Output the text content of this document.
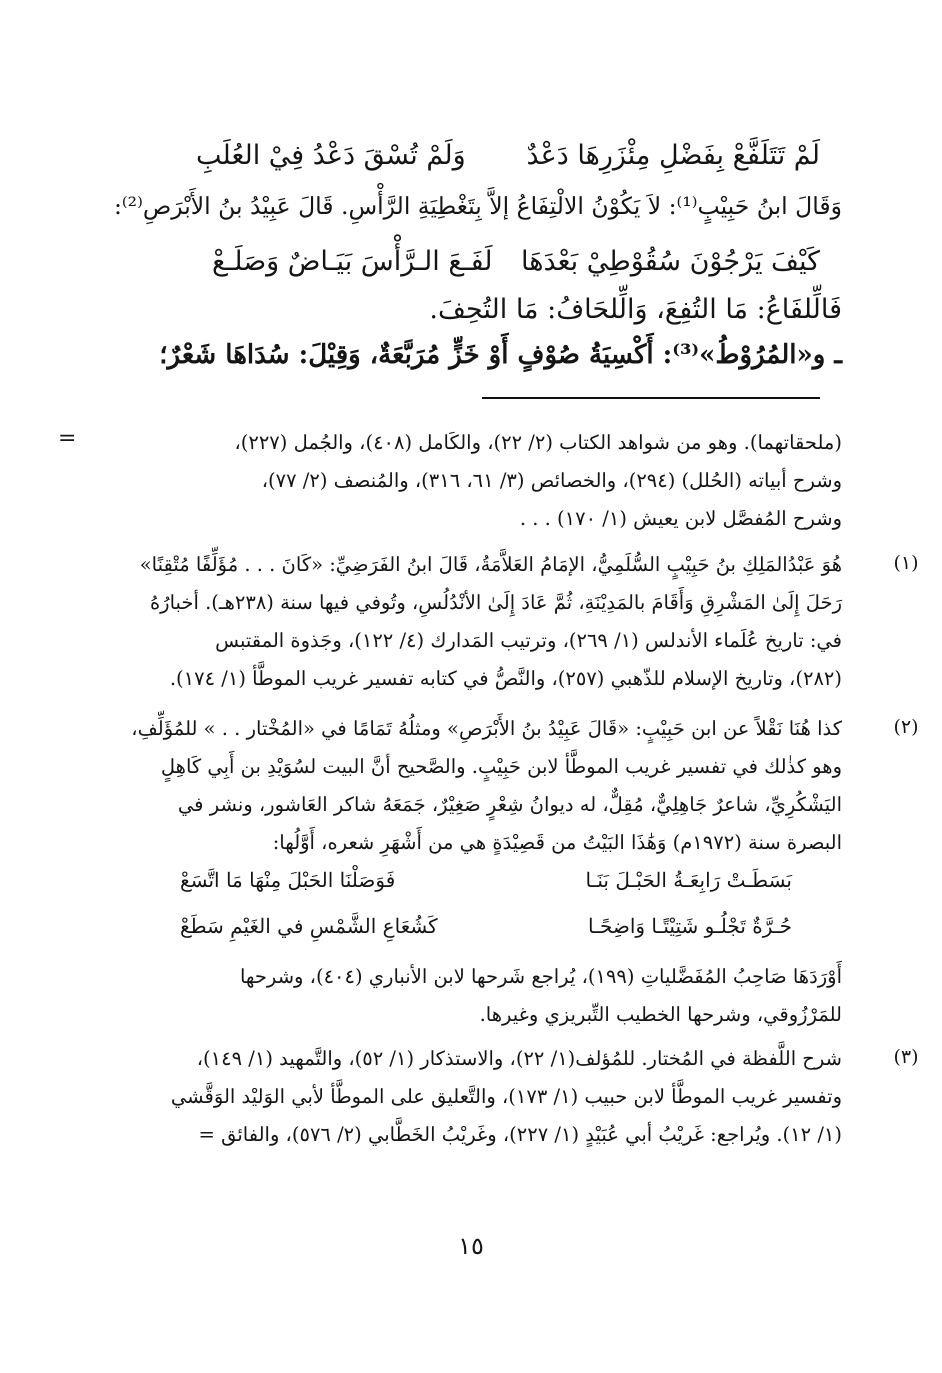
لَمْ تَتَلَفَّعْ بِفَضْلِ مِئْزَرِهَا دَعْدٌ
وَلَمْ تُسْقَ دَعْدُ فِيْ العُلَبِ
وَقَالَ ابنُ حَبِيْبٍ⁽¹⁾: لاَ يَكُوْنُ الالْتِفَاعُ إلاَّ بِتَغْطِيَةِ الرَّأْسِ. قَالَ عَبِيْدُ بنُ الأَبْرَصِ⁽²⁾:
كَيْفَ يَرْجُوْنَ سُقُوْطِيْ بَعْدَهَا
لَفَـعَ الـرَّأْسَ بَيَـاضٌ وَصَلَـعْ
فَالِّلفَاعُ: مَا التُفِعَ، وَالِّلحَافُ: مَا التُحِفَ.
ـ و«المُرُوْطُ»⁽³⁾: أَكْسِيَةُ صُوْفٍ أَوْ خَزٍّ مُرَبَّعَةٌ، وَقِيْلَ: سُدَاهَا شَعْرٌ؛
=	(ملحقاتهما). وهو من شواهد الكتاب (٢/ ٢٢)، والكَامل (٤٠٨)، والجُمل (٢٢٧)،
وشرح أبياته (الحُلل) (٢٩٤)، والخصائص (٣/ ٦١، ٣١٦)، والمُنصف (٢/ ٧٧)،
وشرح المُفصَّل لابن يعيش (١/ ١٧٠) . . .
(١)
هُوَ عَبْدُالمَلِكِ بنُ حَبِيْبٍ السُّلَمِيُّ، الإمَامُ العَلاَّمَةُ، قَالَ ابنُ الفَرَضِيِّ: «كَانَ . . . مُؤَلِّفًا مُتْقِنًا»
رَحَلَ إِلَىٰ المَشْرِقِ وَأَقَامَ بالمَدِيْنَةِ، ثُمَّ عَادَ إِلَىٰ الأنْدُلُسِ، وتُوفي فيها سنة (٢٣٨هـ). أخبارُهُ
في: تاريخ عُلَماء الأندلس (١/ ٢٦٩)، وترتيب المَدارك (٤/ ١٢٢)، وجَذوة المقتبس
(٢٨٢)، وتاريخ الإسلام للذّهبي (٢٥٧)، والنَّصُّ في كتابه تفسير غريب الموطَّأ (١/ ١٧٤).
(٢)
كذا هُنَا نَقْلاً عن ابن حَبِيْبٍ: «قَالَ عَبِيْدُ بنُ الأَبْرَصِ» ومثلُهُ تَمَامًا في «المُخْتار . . » للمُؤَلِّفِ،
وهو كذٰلك في تفسير غريب الموطَّأ لابن حَبِيْبٍ. والصَّحيح أنَّ البيت لسُوَيْدِ بن أَبِي كَاهِلٍ
اليَشْكُرِيِّ، شاعرٌ جَاهِلِيٌّ، مُقِلٌّ، له ديوانُ شِعْرٍ صَغِيْرٌ، جَمَعَهُ شاكر العَاشور، ونشر في
البصرة سنة (١٩٧٢م) وَهَٰذَا البَيْتُ من قَصِيْدَةٍ هي من أَشْهَرِ شعره، أَوَّلُها:
بَسَطَـتْ رَابِعَـةُ الحَبْـلَ بَنَـا
فَوَصَلْنَا الحَبْلَ مِنْهَا مَا اتَّسَعْ
حُـرَّةٌ تَجْلُـو شَتِيْتًـا وَاضِحًـا
كَشُعَاعِ الشَّمْسِ في الغَيْمِ سَطَعْ
أَوْرَدَهَا صَاحِبُ المُفَضَّلياتِ (١٩٩)، يُراجع شَرحها لابن الأنباري (٤٠٤)، وشرحها
للمَرْزُوقي، وشرحها الخطيب التِّبريزي وغيرها.
(٣)
شرح اللَّفظة في المُختار. للمُؤلف(١/ ٢٢)، والاستذكار (١/ ٥٢)، والتَّمهيد (١/ ١٤٩)،
وتفسير غريب الموطَّأ لابن حبيب (١/ ١٧٣)، والتَّعليق على الموطَّأ لأبي الوَليْد الوَقَّشي
(١/ ١٢). ويُراجع: غَريْبُ أبي عُبَيْدٍ (١/ ٢٢٧)، وغَريْبُ الخَطَّابي (٢/ ٥٧٦)، والفائق =
١٥
